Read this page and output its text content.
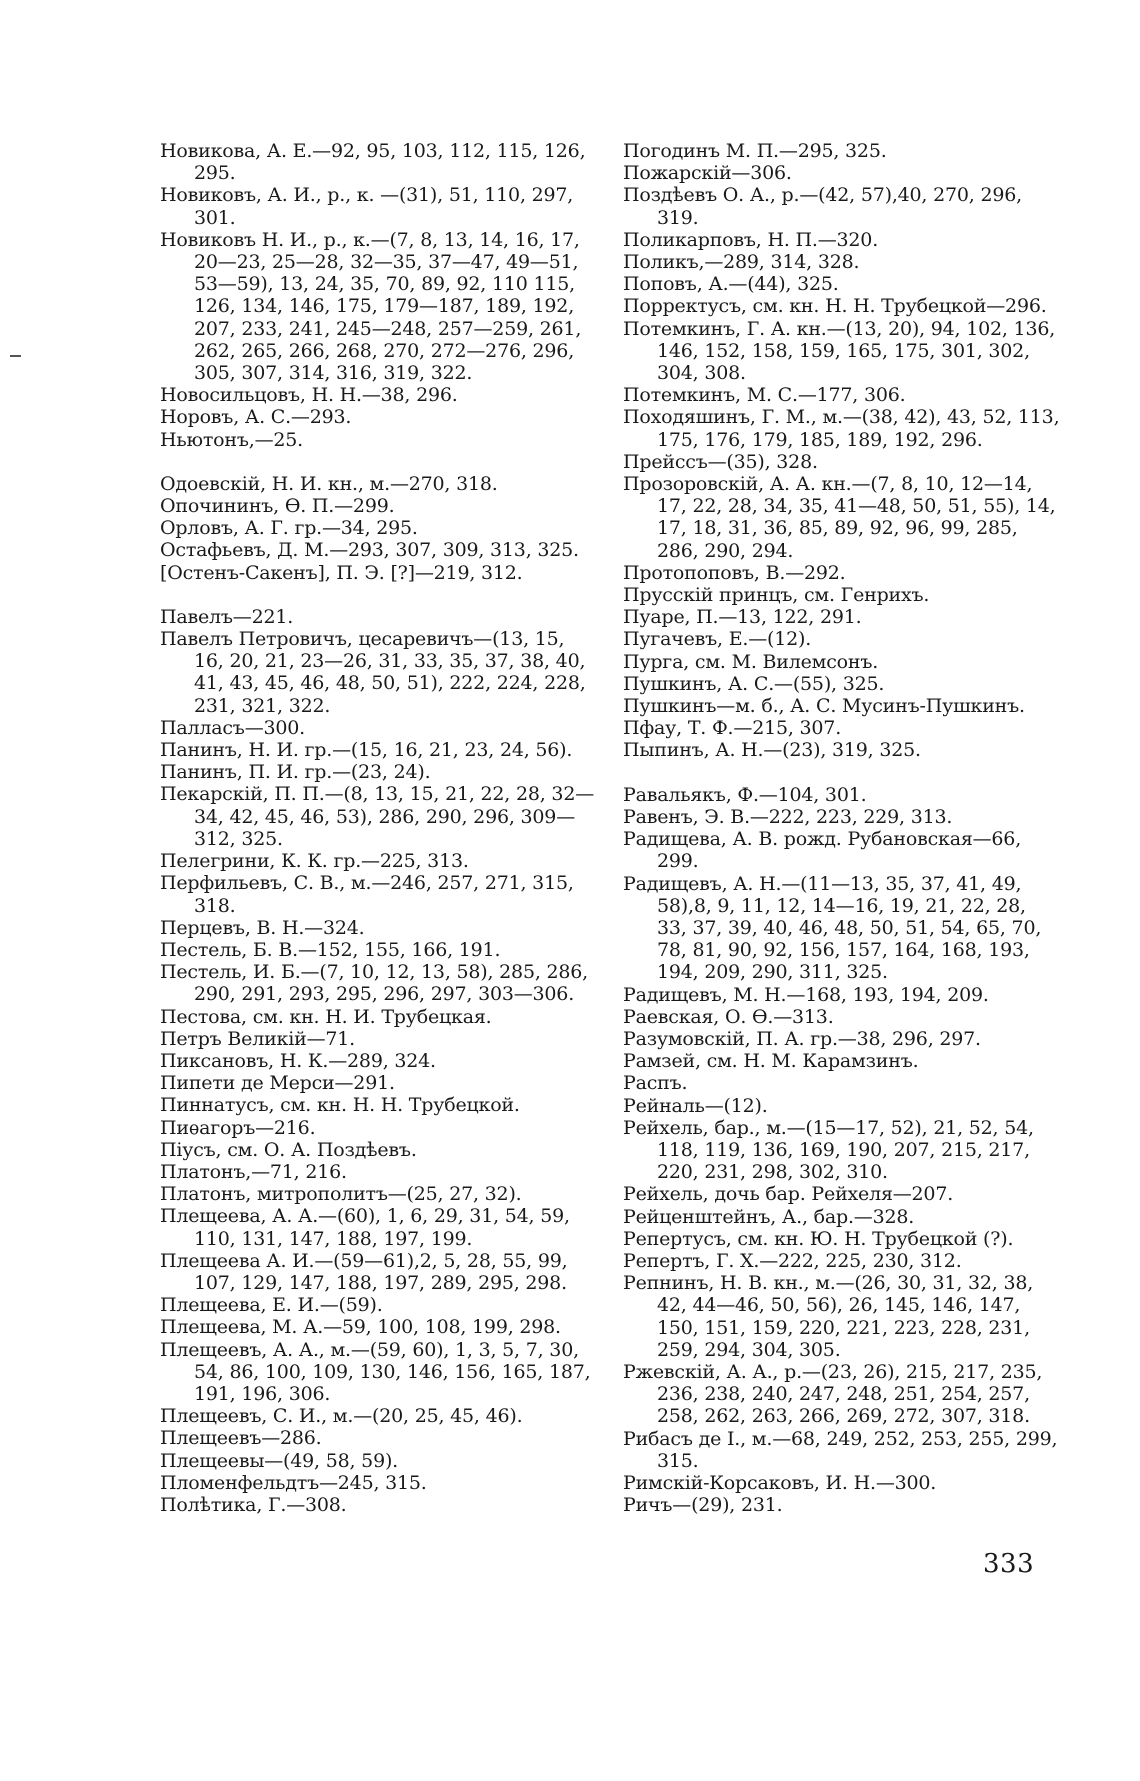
Новикова, А. Е.—92, 95, 103, 112, 115, 126, 295.
Новиковъ, А. И., р., к. —(31), 51, 110, 297, 301.
Новиковъ Н. И., р., к.—(7, 8, 13, 14, 16, 17, 20—23, 25—28, 32—35, 37—47, 49—51, 53—59), 13, 24, 35, 70, 89, 92, 110 115, 126, 134, 146, 175, 179—187, 189, 192, 207, 233, 241, 245—248, 257—259, 261, 262, 265, 266, 268, 270, 272—276, 296, 305, 307, 314, 316, 319, 322.
Новосильцовъ, Н. Н.—38, 296.
Норовъ, А. С.—293.
Ньютонъ,—25.
Одоевскій, Н. И. кн., м.—270, 318.
Опочининъ, Ѳ. П.—299.
Орловъ, А. Г. гр.—34, 295.
Остафьевъ, Д. М.—293, 307, 309, 313, 325.
[Остенъ-Сакенъ], П. Э. [?]—219, 312.
Павелъ—221.
Павелъ Петровичъ, цесаревичъ—(13, 15, 16, 20, 21, 23—26, 31, 33, 35, 37, 38, 40, 41, 43, 45, 46, 48, 50, 51), 222, 224, 228, 231, 321, 322.
Палласъ—300.
Панинъ, Н. И. гр.—(15, 16, 21, 23, 24, 56).
Панинъ, П. И. гр.—(23, 24).
Пекарскій, П. П.—(8, 13, 15, 21, 22, 28, 32—34, 42, 45, 46, 53), 286, 290, 296, 309—312, 325.
Пелегрини, К. К. гр.—225, 313.
Перфильевъ, С. В., м.—246, 257, 271, 315, 318.
Перцевъ, В. Н.—324.
Пестель, Б. В.—152, 155, 166, 191.
Пестель, И. Б.—(7, 10, 12, 13, 58), 285, 286, 290, 291, 293, 295, 296, 297, 303—306.
Пестова, см. кн. Н. И. Трубецкая.
Петръ Великій—71.
Пиксановъ, Н. К.—289, 324.
Пипети де Мерси—291.
Пиннатусъ, см. кн. Н. Н. Трубецкой.
Пиѳагоръ—216.
Піусъ, см. О. А. Поздѣевъ.
Платонъ,—71, 216.
Платонъ, митрополитъ—(25, 27, 32).
Плещеева, А. А.—(60), 1, 6, 29, 31, 54, 59, 110, 131, 147, 188, 197, 199.
Плещеева А. И.—(59—61),2, 5, 28, 55, 99, 107, 129, 147, 188, 197, 289, 295, 298.
Плещеева, Е. И.—(59).
Плещеева, М. А.—59, 100, 108, 199, 298.
Плещеевъ, А. А., м.—(59, 60), 1, 3, 5, 7, 30, 54, 86, 100, 109, 130, 146, 156, 165, 187, 191, 196, 306.
Плещеевъ, С. И., м.—(20, 25, 45, 46).
Плещеевъ—286.
Плещеевы—(49, 58, 59).
Пломенфельдтъ—245, 315.
Полѣтика, Г.—308.
Погодинъ М. П.—295, 325.
Пожарскій—306.
Поздѣевъ О. А., р.—(42, 57),40, 270, 296, 319.
Поликарповъ, Н. П.—320.
Поликъ,—289, 314, 328.
Поповъ, А.—(44), 325.
Порректусъ, см. кн. Н. Н. Трубецкой—296.
Потемкинъ, Г. А. кн.—(13, 20), 94, 102, 136, 146, 152, 158, 159, 165, 175, 301, 302, 304, 308.
Потемкинъ, М. С.—177, 306.
Походяшинъ, Г. М., м.—(38, 42), 43, 52, 113, 175, 176, 179, 185, 189, 192, 296.
Прейссъ—(35), 328.
Прозоровскій, А. А. кн.—(7, 8, 10, 12—14, 17, 22, 28, 34, 35, 41—48, 50, 51, 55), 14, 17, 18, 31, 36, 85, 89, 92, 96, 99, 285, 286, 290, 294.
Протопоповъ, В.—292.
Прусскій принцъ, см. Генрихъ.
Пуаре, П.—13, 122, 291.
Пугачевъ, Е.—(12).
Пурга, см. М. Вилемсонъ.
Пушкинъ, А. С.—(55), 325.
Пушкинъ—м. б., А. С. Мусинъ-Пушкинъ.
Пфау, Т. Ф.—215, 307.
Пыпинъ, А. Н.—(23), 319, 325.
Равальякъ, Ф.—104, 301.
Равенъ, Э. В.—222, 223, 229, 313.
Радищева, А. В. рожд. Рубановская—66, 299.
Радищевъ, А. Н.—(11—13, 35, 37, 41, 49, 58),8, 9, 11, 12, 14—16, 19, 21, 22, 28, 33, 37, 39, 40, 46, 48, 50, 51, 54, 65, 70, 78, 81, 90, 92, 156, 157, 164, 168, 193, 194, 209, 290, 311, 325.
Радищевъ, М. Н.—168, 193, 194, 209.
Раевская, О. Ѳ.—313.
Разумовскій, П. А. гр.—38, 296, 297.
Рамзей, см. Н. М. Карамзинъ.
Распъ.
Рейналь—(12).
Рейхель, бар., м.—(15—17, 52), 21, 52, 54, 118, 119, 136, 169, 190, 207, 215, 217, 220, 231, 298, 302, 310.
Рейхель, дочь бар. Рейхеля—207.
Рейценштейнъ, А., бар.—328.
Репертусъ, см. кн. Ю. Н. Трубецкой (?).
Репертъ, Г. Х.—222, 225, 230, 312.
Репнинъ, Н. В. кн., м.—(26, 30, 31, 32, 38, 42, 44—46, 50, 56), 26, 145, 146, 147, 150, 151, 159, 220, 221, 223, 228, 231, 259, 294, 304, 305.
Ржевскій, А. А., р.—(23, 26), 215, 217, 235, 236, 238, 240, 247, 248, 251, 254, 257, 258, 262, 263, 266, 269, 272, 307, 318.
Рибасъ де І., м.—68, 249, 252, 253, 255, 299, 315.
Римскій-Корсаковъ, И. Н.—300.
Ричъ—(29), 231.
333
